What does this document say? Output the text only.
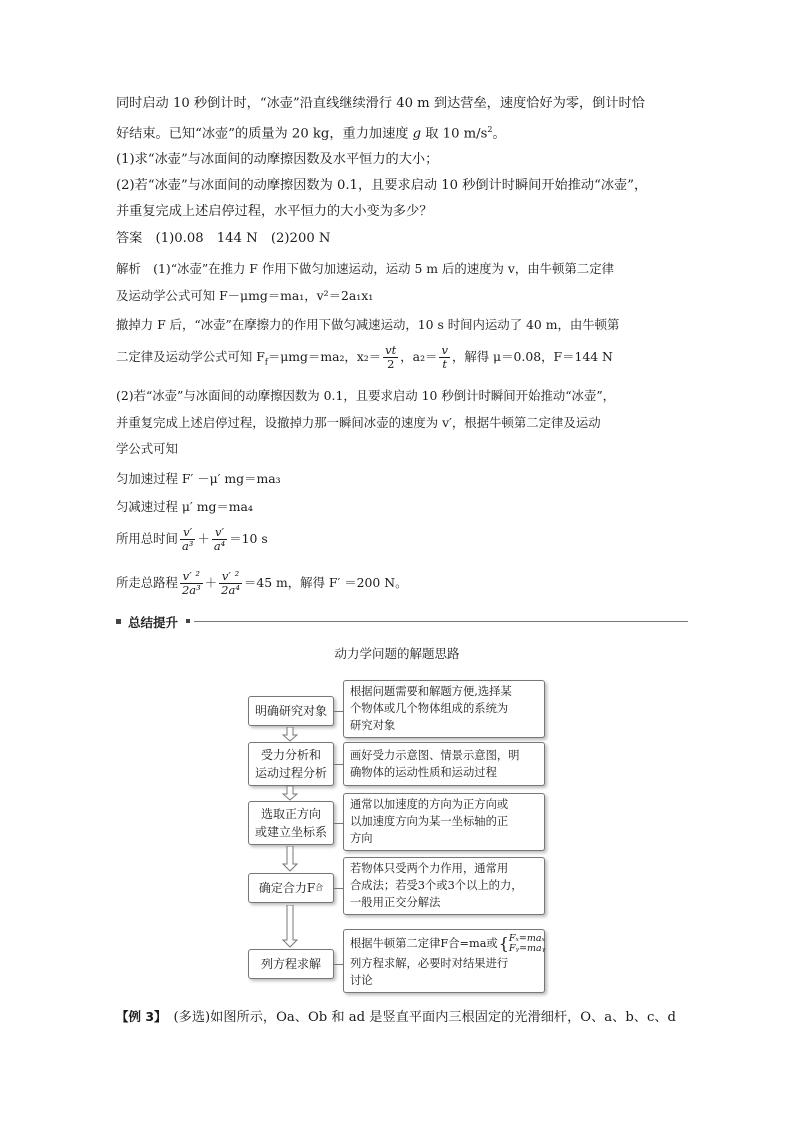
同时启动 10 秒倒计时，“冰壶”沿直线继续滑行 40 m 到达营垒，速度恰好为零，倒计时恰
好结束。已知“冰壶”的质量为 20 kg，重力加速度 g 取 10 $m/s^2$。
(1)求“冰壶”与冰面间的动摩擦因数及水平恒力的大小；
(2)若“冰壶”与冰面间的动摩擦因数为 0.1，且要求启动 10 秒倒计时瞬间开始推动“冰壶”，
并重复完成上述启停过程，水平恒力的大小变为多少？
答案　(1)0.08　144 N　(2)200 N
解析　(1)“冰壶”在推力 F 作用下做匀加速运动，运动 5 m 后的速度为 v，由牛顿第二定律
及运动学公式可知 F－μmg＝ma₁，v²＝2a₁x₁
撤掉力 F 后，“冰壶”在摩擦力的作用下做匀减速运动，10 s 时间内运动了 40 m，由牛顿第
二定律及运动学公式可知 $F_f=\mu mg=ma_2$，$x_2= \frac{vt}{2}$ ，$a_2= \frac{v}{t}$ ，解得 μ＝0.08，F＝144 N
(2)若“冰壶”与冰面间的动摩擦因数为 0.1，且要求启动 10 秒倒计时瞬间开始推动“冰壶”，
并重复完成上述启停过程，设撤掉力那一瞬间冰壶的速度为 v′，根据牛顿第二定律及运动
学公式可知
匀加速过程 F′ －μ′ mg＝ma₃
匀减速过程 μ′ mg＝ma₄
所用总时间 $\frac{v'}{\text{a³}} + \frac{v'}{\text{a⁴}} =10$ s
所走总路程 $\frac{\text{v′ ²}}{\text{2a³}} + \frac{\text{v′ ²}}{\text{2a⁴}} =45$ m，解得 F′ ＝200 N。
总结提升
动力学问题的解题思路
明确研究对象
根据问题需要和解题方便,选择某
个物体或几个物体组成的系统为
研究对象
受力分析和
运动过程分析
画好受力示意图、情景示意图，明
确物体的运动性质和运动过程
选取正方向
或建立坐标系
通常以加速度的方向为正方向或
以加速度方向为某一坐标轴的正
方向
确定合力F 合
若物体只受两个力作用，通常用
合成法；若受3个或3个以上的力，
一般用正交分解法
列方程求解
根据牛顿第二定律F合=ma或{ Fₓ=maₓ
Fᵧ=maᵧ
列方程求解，必要时对结果进行
讨论
【例 3】　(多选)如图所示，Oa、Ob 和 ad 是竖直平面内三根固定的光滑细杆，O、a、b、c、d
